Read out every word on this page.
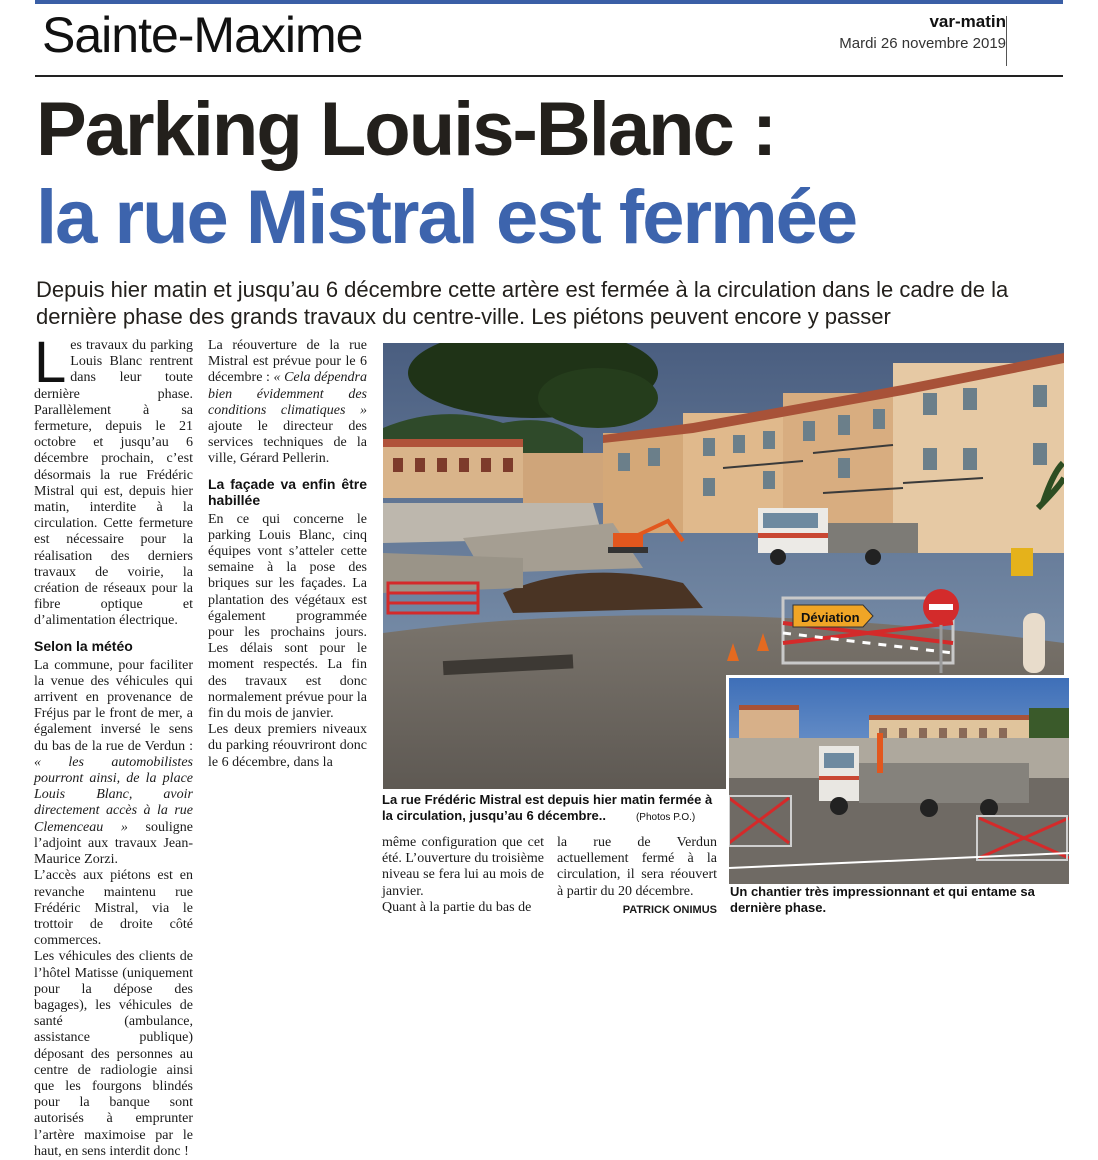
Sainte-Maxime	var-matin
Mardi 26 novembre 2019
Parking Louis-Blanc :
la rue Mistral est fermée
Depuis hier matin et jusqu’au 6 décembre cette artère est fermée à la circulation dans le cadre de la dernière phase des grands travaux du centre-ville. Les piétons peuvent encore y passer

Les travaux du parking Louis Blanc rentrent dans leur toute dernière phase. Parallèlement à sa fermeture, depuis le 21 octobre et jusqu’au 6 décembre prochain, c’est désormais la rue Frédéric Mistral qui est, depuis hier matin, interdite à la circulation. Cette fermeture est nécessaire pour la réalisation des derniers travaux de voirie, la création de réseaux pour la fibre optique et d’alimentation électrique.

Selon la météo

La commune, pour faciliter la venue des véhicules qui arrivent en provenance de Fréjus par le front de mer, a également inversé le sens du bas de la rue de Verdun : « les automobilistes pourront ainsi, de la place Louis Blanc, avoir directement accès à la rue Clemenceau » souligne l’adjoint aux travaux Jean-Maurice Zorzi.

L’accès aux piétons est en revanche maintenu rue Frédéric Mistral, via le trottoir de droite côté commerces.

Les véhicules des clients de l’hôtel Matisse (uniquement pour la dépose des bagages), les véhicules de santé (ambulance, assistance publique) déposant des personnes au centre de radiologie ainsi que les fourgons blindés pour la banque sont autorisés à emprunter l’artère maximoise par le haut, en sens interdit donc !

La réouverture de la rue Mistral est prévue pour le 6 décembre : « Cela dépendra bien évidemment des conditions climatiques » ajoute le directeur des services techniques de la ville, Gérard Pellerin.

La façade va enfin être habillée

En ce qui concerne le parking Louis Blanc, cinq équipes vont s’atteler cette semaine à la pose des briques sur les façades. La plantation des végétaux est également programmée pour les prochains jours. Les délais sont pour le moment respectés. La fin des travaux est donc normalement prévue pour la fin du mois de janvier.

Les deux premiers niveaux du parking réouvriront donc le 6 décembre, dans la

même configuration que cet été. L’ouverture du troisième niveau se fera lui au mois de janvier.

Quant à la partie du bas de

la rue de Verdun actuellement fermé à la circulation, il sera réouvert à partir du 20 décembre.

PATRICK ONIMUS
Déviation
La rue Frédéric Mistral est depuis hier matin fermée à la circulation, jusqu’au 6 décembre..	(Photos P.O.)
Un chantier très impressionnant et qui entame sa dernière phase.
